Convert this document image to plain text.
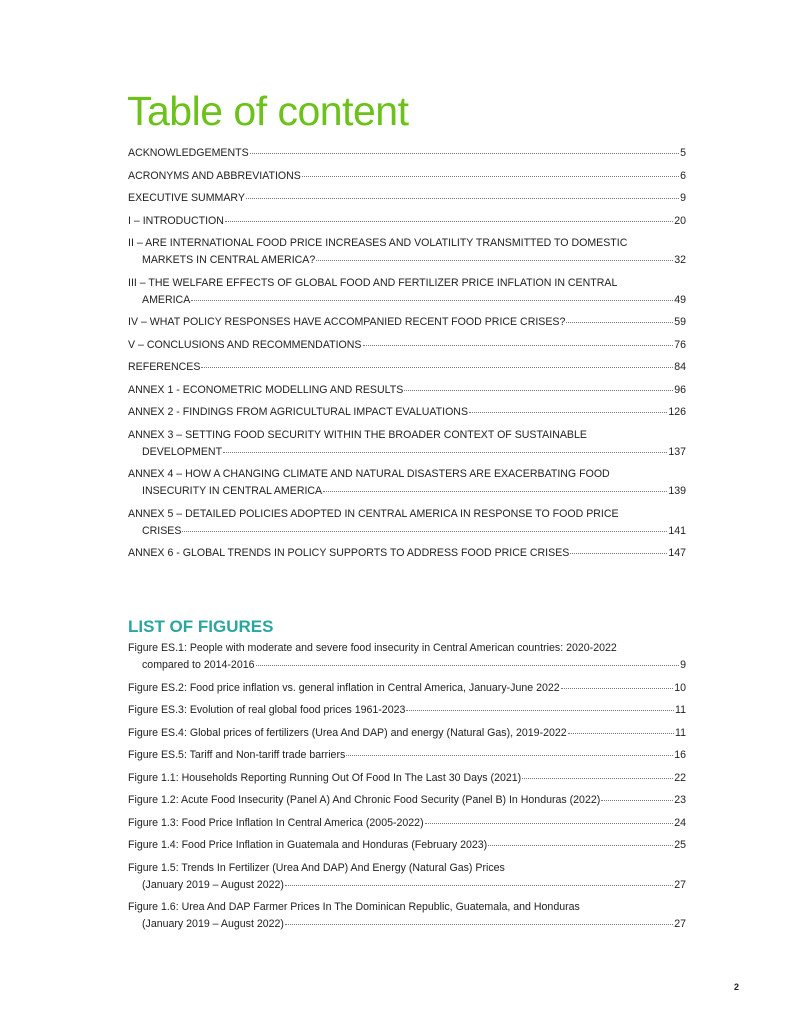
Table of content
ACKNOWLEDGEMENTS	5
ACRONYMS AND ABBREVIATIONS	6
EXECUTIVE SUMMARY	9
I – INTRODUCTION	20
II – ARE INTERNATIONAL FOOD PRICE INCREASES AND VOLATILITY TRANSMITTED TO DOMESTIC
MARKETS IN CENTRAL AMERICA?	32
III – THE WELFARE EFFECTS OF GLOBAL FOOD AND FERTILIZER PRICE INFLATION IN CENTRAL
AMERICA	49
IV – WHAT POLICY RESPONSES HAVE ACCOMPANIED RECENT FOOD PRICE CRISES?	59
V – CONCLUSIONS AND RECOMMENDATIONS	76
REFERENCES	84
ANNEX 1 - ECONOMETRIC MODELLING AND RESULTS	96
ANNEX 2 - FINDINGS FROM AGRICULTURAL IMPACT EVALUATIONS	126
ANNEX 3 – SETTING FOOD SECURITY WITHIN THE BROADER CONTEXT OF SUSTAINABLE
DEVELOPMENT	137
ANNEX 4 – HOW A CHANGING CLIMATE AND NATURAL DISASTERS ARE EXACERBATING FOOD
INSECURITY IN CENTRAL AMERICA	139
ANNEX 5 – DETAILED POLICIES ADOPTED IN CENTRAL AMERICA IN RESPONSE TO FOOD PRICE
CRISES	141
ANNEX 6 - GLOBAL TRENDS IN POLICY SUPPORTS TO ADDRESS FOOD PRICE CRISES	147
LIST OF FIGURES
Figure ES.1: People with moderate and severe food insecurity in Central American countries: 2020-2022
compared to 2014-2016	9
Figure ES.2: Food price inflation vs. general inflation in Central America, January-June 2022	10
Figure ES.3: Evolution of real global food prices 1961-2023	11
Figure ES.4: Global prices of fertilizers (Urea And DAP) and energy (Natural Gas), 2019-2022	11
Figure ES.5: Tariff and Non-tariff trade barriers	16
Figure 1.1: Households Reporting Running Out Of Food In The Last 30 Days (2021)	22
Figure 1.2: Acute Food Insecurity (Panel A) And Chronic Food Security (Panel B) In Honduras (2022)	23
Figure 1.3: Food Price Inflation In Central America (2005-2022)	24
Figure 1.4: Food Price Inflation in Guatemala and Honduras (February 2023)	25
Figure 1.5: Trends In Fertilizer (Urea And DAP) And Energy (Natural Gas) Prices
(January 2019 – August 2022)	27
Figure 1.6: Urea And DAP Farmer Prices In The Dominican Republic, Guatemala, and Honduras
(January 2019 – August 2022)	27
2
